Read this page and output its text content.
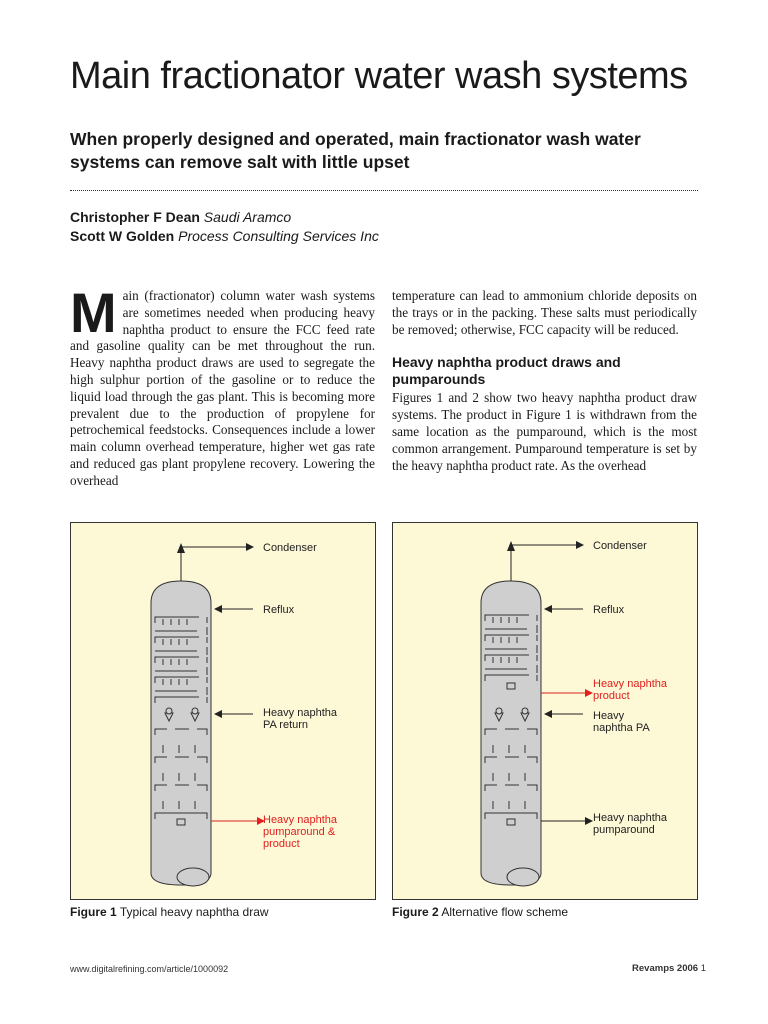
Main fractionator water wash systems
When properly designed and operated, main fractionator wash water systems can remove salt with little upset
Christopher F Dean Saudi Aramco
Scott W Golden Process Consulting Services Inc
M ain (fractionator) column water wash systems are sometimes needed when producing heavy naphtha product to ensure the FCC feed rate and gasoline quality can be met throughout the run. Heavy naphtha product draws are used to segregate the high sulphur portion of the gasoline or to reduce the liquid load through the gas plant. This is becoming more prevalent due to the production of propylene for petrochemical feedstocks. Consequences include a lower main column overhead temperature, higher wet gas rate and reduced gas plant propylene recovery. Lowering the overhead

temperature can lead to ammonium chloride deposits on the trays or in the packing. These salts must periodically be removed; otherwise, FCC capacity will be reduced.

Heavy naphtha product draws and pumparounds

Figures 1 and 2 show two heavy naphtha product draw systems. The product in Figure 1 is withdrawn from the same location as the pumparound, which is the most common arrangement. Pumparound temperature is set by the heavy naphtha product rate. As the overhead

Condenser
Reflux
Heavy naphtha
PA return
Heavy naphtha
pumparound &
product
Condenser
Reflux
Heavy naphtha
product
Heavy
naphtha PA
Heavy naphtha
pumparound
Figure 1 Typical heavy naphtha draw	Figure 2 Alternative flow scheme
www.digitalrefining.com/article/1000092	Revamps 2006 1
